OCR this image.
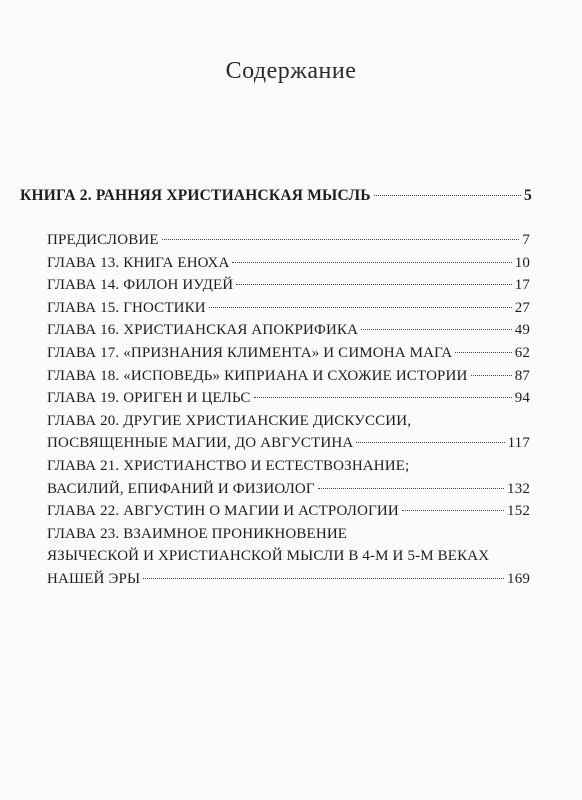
Содержание
КНИГА 2. РАННЯЯ ХРИСТИАНСКАЯ МЫСЛЬ	5
ПРЕДИСЛОВИЕ	7
ГЛАВА 13. КНИГА ЕНОХА	10
ГЛАВА 14. ФИЛОН ИУДЕЙ	17
ГЛАВА 15. ГНОСТИКИ	27
ГЛАВА 16. ХРИСТИАНСКАЯ АПОКРИФИКА	49
ГЛАВА 17. «ПРИЗНАНИЯ КЛИМЕНТА» И СИМОНА МАГА	62
ГЛАВА 18. «ИСПОВЕДЬ» КИПРИАНА И СХОЖИЕ ИСТОРИИ	87
ГЛАВА 19. ОРИГЕН И ЦЕЛЬС	94
ГЛАВА 20. ДРУГИЕ ХРИСТИАНСКИЕ ДИСКУССИИ,
ПОСВЯЩЕННЫЕ МАГИИ, ДО АВГУСТИНА	117
ГЛАВА 21. ХРИСТИАНСТВО И ЕСТЕСТВОЗНАНИЕ;
ВАСИЛИЙ, ЕПИФАНИЙ И ФИЗИОЛОГ	132
ГЛАВА 22. АВГУСТИН О МАГИИ И АСТРОЛОГИИ	152
ГЛАВА 23. ВЗАИМНОЕ ПРОНИКНОВЕНИЕ
ЯЗЫЧЕСКОЙ И ХРИСТИАНСКОЙ МЫСЛИ В 4-М И 5-М ВЕКАХ
НАШЕЙ ЭРЫ	169
